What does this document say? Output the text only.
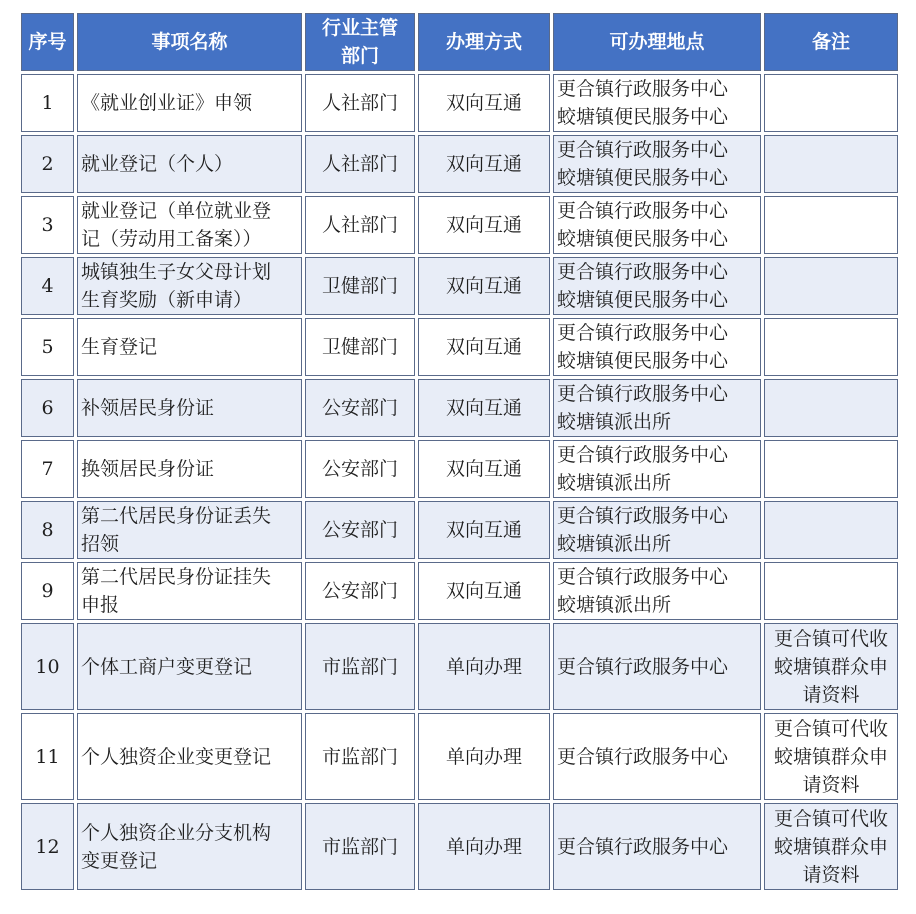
序号	事项名称	行业主管
部门	办理方式	可办理地点	备注
1	《就业创业证》申领	人社部门	双向互通	更合镇行政服务中心
蛟塘镇便民服务中心	

2	就业登记（个人）	人社部门	双向互通	更合镇行政服务中心
蛟塘镇便民服务中心	

3	就业登记（单位就业登
记（劳动用工备案））	人社部门	双向互通	更合镇行政服务中心
蛟塘镇便民服务中心	

4	城镇独生子女父母计划
生育奖励（新申请）	卫健部门	双向互通	更合镇行政服务中心
蛟塘镇便民服务中心	

5	生育登记	卫健部门	双向互通	更合镇行政服务中心
蛟塘镇便民服务中心	

6	补领居民身份证	公安部门	双向互通	更合镇行政服务中心
蛟塘镇派出所	

7	换领居民身份证	公安部门	双向互通	更合镇行政服务中心
蛟塘镇派出所	

8	第二代居民身份证丢失
招领	公安部门	双向互通	更合镇行政服务中心
蛟塘镇派出所	

9	第二代居民身份证挂失
申报	公安部门	双向互通	更合镇行政服务中心
蛟塘镇派出所	

10	个体工商户变更登记	市监部门	单向办理	更合镇行政服务中心	更合镇可代收
蛟塘镇群众申
请资料

11	个人独资企业变更登记	市监部门	单向办理	更合镇行政服务中心	更合镇可代收
蛟塘镇群众申
请资料

12	个人独资企业分支机构
变更登记	市监部门	单向办理	更合镇行政服务中心	更合镇可代收
蛟塘镇群众申
请资料
